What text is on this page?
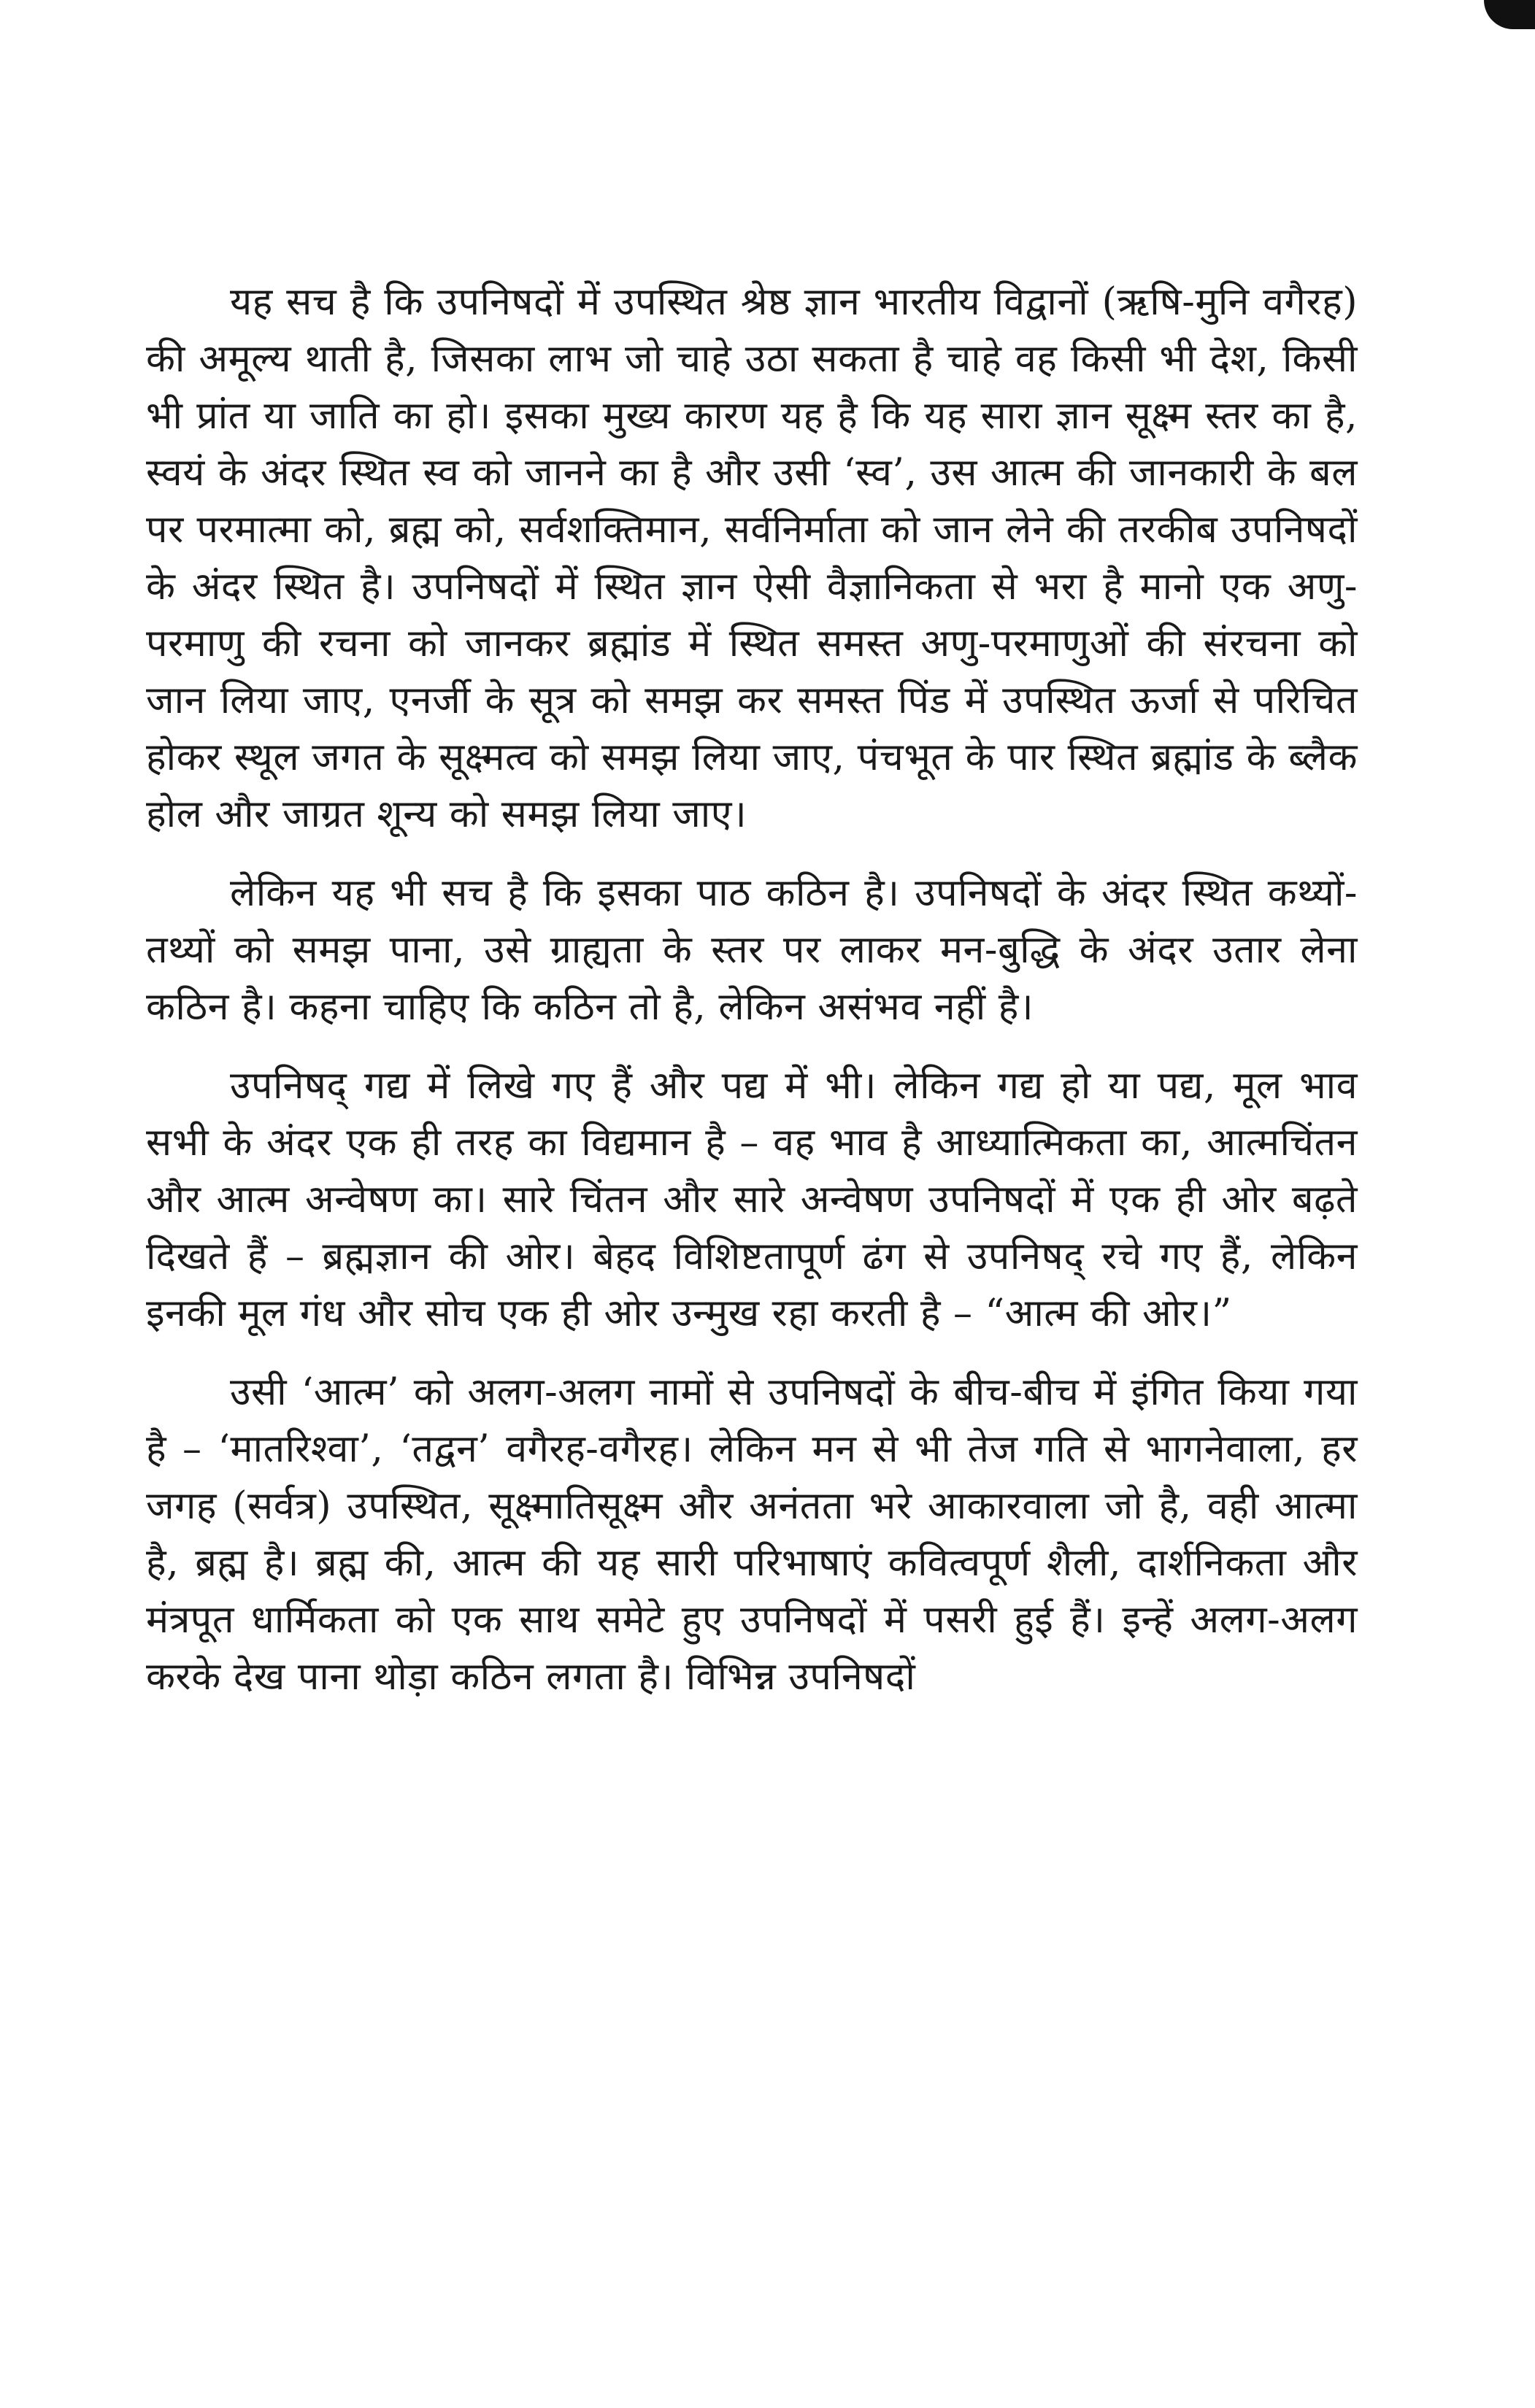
यह सच है कि उपनिषदों में उपस्थित श्रेष्ठ ज्ञान भारतीय विद्वानों (ऋषि-मुनि वगैरह) की अमूल्य थाती है, जिसका लाभ जो चाहे उठा सकता है चाहे वह किसी भी देश, किसी भी प्रांत या जाति का हो। इसका मुख्य कारण यह है कि यह सारा ज्ञान सूक्ष्म स्तर का है, स्वयं के अंदर स्थित स्व को जानने का है और उसी ‘स्व’, उस आत्म की जानकारी के बल पर परमात्मा को, ब्रह्म को, सर्वशक्तिमान, सर्वनिर्माता को जान लेने की तरकीब उपनिषदों के अंदर स्थित है। उपनिषदों में स्थित ज्ञान ऐसी वैज्ञानिकता से भरा है मानो एक अणु-परमाणु की रचना को जानकर ब्रह्मांड में स्थित समस्त अणु-परमाणुओं की संरचना को जान लिया जाए, एनर्जी के सूत्र को समझ कर समस्त पिंड में उपस्थित ऊर्जा से परिचित होकर स्थूल जगत के सूक्ष्मत्व को समझ लिया जाए, पंचभूत के पार स्थित ब्रह्मांड के ब्लैक होल और जाग्रत शून्य को समझ लिया जाए।

लेकिन यह भी सच है कि इसका पाठ कठिन है। उपनिषदों के अंदर स्थित कथ्यों-तथ्यों को समझ पाना, उसे ग्राह्यता के स्तर पर लाकर मन-बुद्धि के अंदर उतार लेना कठिन है। कहना चाहिए कि कठिन तो है, लेकिन असंभव नहीं है।

उपनिषद् गद्य में लिखे गए हैं और पद्य में भी। लेकिन गद्य हो या पद्य, मूल भाव सभी के अंदर एक ही तरह का विद्यमान है – वह भाव है आध्यात्मिकता का, आत्मचिंतन और आत्म अन्वेषण का। सारे चिंतन और सारे अन्वेषण उपनिषदों में एक ही ओर बढ़ते दिखते हैं – ब्रह्मज्ञान की ओर। बेहद विशिष्टतापूर्ण ढंग से उपनिषद् रचे गए हैं, लेकिन इनकी मूल गंध और सोच एक ही ओर उन्मुख रहा करती है – “आत्म की ओर।”

उसी ‘आत्म’ को अलग-अलग नामों से उपनिषदों के बीच-बीच में इंगित किया गया है – ‘मातरिश्वा’, ‘तद्वन’ वगैरह-वगैरह। लेकिन मन से भी तेज गति से भागनेवाला, हर जगह (सर्वत्र) उपस्थित, सूक्ष्मातिसूक्ष्म और अनंतता भरे आकारवाला जो है, वही आत्मा है, ब्रह्म है। ब्रह्म की, आत्म की यह सारी परिभाषाएं कवित्वपूर्ण शैली, दार्शनिकता और मंत्रपूत धार्मिकता को एक साथ समेटे हुए उपनिषदों में पसरी हुई हैं। इन्हें अलग-अलग करके देख पाना थोड़ा कठिन लगता है। विभिन्न उपनिषदों
